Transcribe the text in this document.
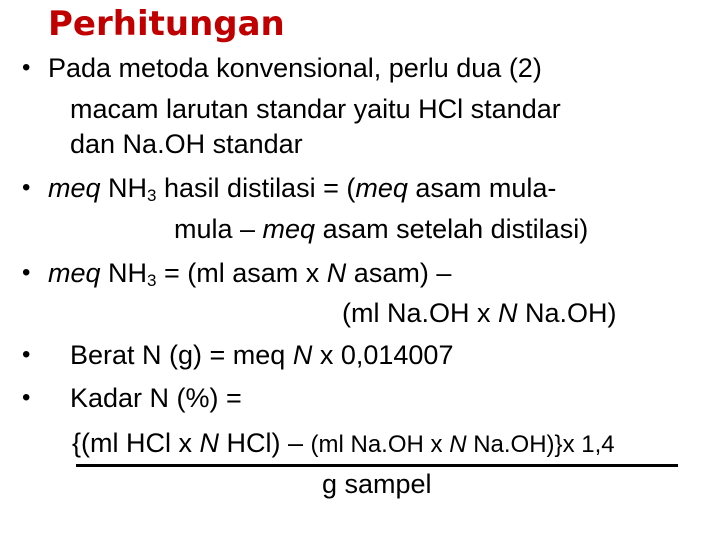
Perhitungan
• Pada metoda konvensional, perlu dua (2)
macam larutan standar yaitu HCl standar
dan Na.OH standar
• meq $NH_3$ hasil distilasi = (meq asam mula-
mula – meq asam setelah distilasi)
• meq $NH_3 = (ml$ asam x N asam) –
(ml Na.OH x N Na.OH)
• Berat N (g) = meq N x 0,014007
• Kadar N (%) =
{(ml HCl x N HCl) – (ml Na.OH x N Na.OH)}x 1,4
g sampel
